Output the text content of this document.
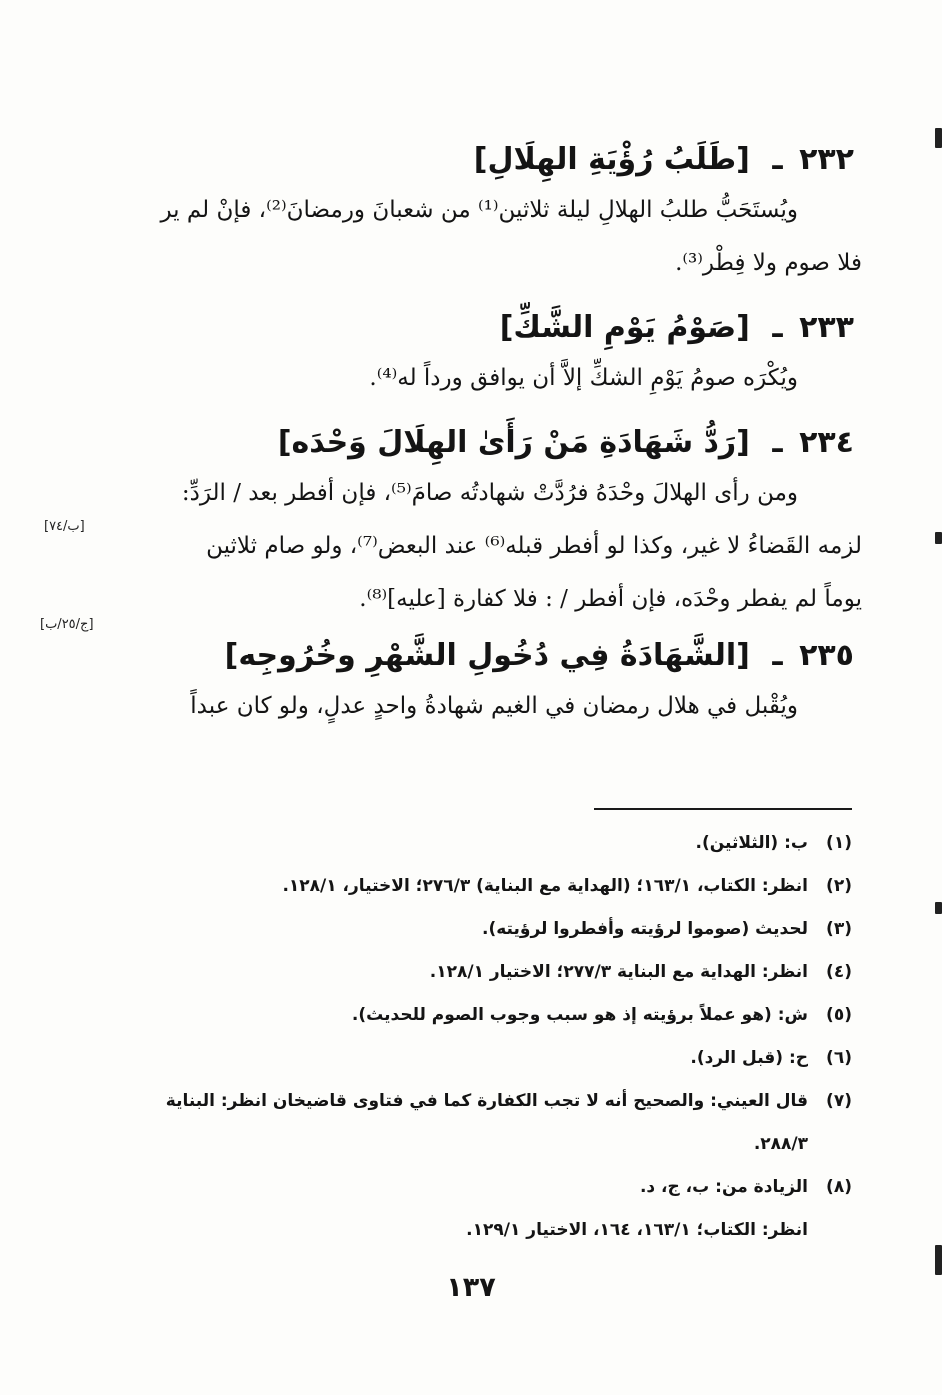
٢٣٢ ـ [طَلَبُ رُؤْيَةِ الهِلَالِ]
ويُستَحَبُّ طلبُ الهلالِ ليلة ثلاثين⁽¹⁾ من شعبانَ ورمضانَ⁽²⁾، فإنْ لم ير
فلا صوم ولا فِطْر⁽³⁾.
٢٣٣ ـ [صَوْمُ يَوْمِ الشَّكِّ]
ويُكْرَه صومُ يَوْمِ الشكِّ إلاَّ أن يوافق ورداً له⁽⁴⁾.
٢٣٤ ـ [رَدُّ شَهَادَةِ مَنْ رَأَىٰ الهِلَالَ وَحْدَه]
ومن رأى الهلالَ وحْدَهُ فرُدَّتْ شهادتُه صامَ⁽⁵⁾، فإن أفطر بعد / الرَدِّ:
لزمه القَضاءُ لا غير، وكذا لو أفطر قبله⁽⁶⁾ عند البعض⁽⁷⁾، ولو صام ثلاثين
يوماً لم يفطر وحْدَه، فإن أفطر / : فلا كفارة [عليه]⁽⁸⁾.
٢٣٥ ـ [الشَّهَادَةُ فِي دُخُولِ الشَّهْرِ وخُرُوجِه]
ويُقْبل في هلال رمضان في الغيم شهادةُ واحدٍ عدلٍ، ولو كان عبداً
[ب/٧٤]
[ج/٢٥/ب]
(١)
ب: (الثلاثين).
(٢)
انظر: الكتاب، ١٦٣/١؛ (الهداية مع البناية) ٢٧٦/٣؛ الاختيار، ١٢٨/١.
(٣)
لحديث (صوموا لرؤيته وأفطروا لرؤيته).
(٤)
انظر: الهداية مع البناية ٢٧٧/٣؛ الاختيار ١٢٨/١.
(٥)
ش: (هو عملاً برؤيته إذ هو سبب وجوب الصوم للحديث).
(٦)
ح: (قبل الرد).
(٧)
قال العيني: والصحيح أنه لا تجب الكفارة كما في فتاوى قاضيخان انظر: البناية
٢٨٨/٣.
(٨)
الزيادة من: ب، ج، د.
انظر: الكتاب؛ ١٦٣/١، ١٦٤، الاختيار ١٢٩/١.
١٣٧
